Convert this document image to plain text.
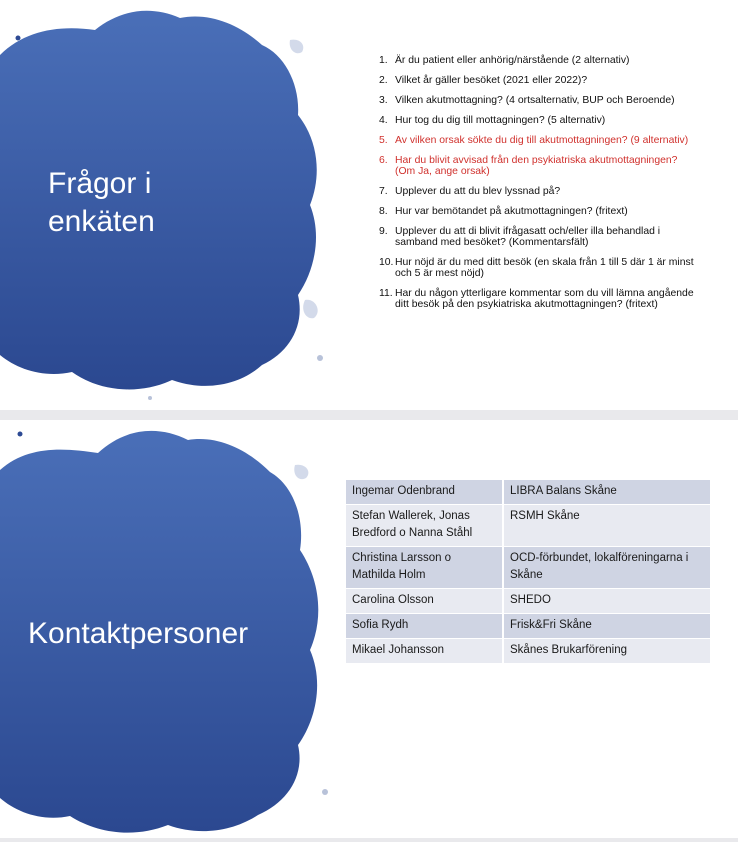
Frågor i enkäten
1. Är du patient eller anhörig/närstående (2 alternativ)
2. Vilket år gäller besöket (2021 eller 2022)?
3. Vilken akutmottagning? (4 ortsalternativ, BUP och Beroende)
4. Hur tog du dig till mottagningen? (5 alternativ)
5. Av vilken orsak sökte du dig till akutmottagningen? (9 alternativ)
6. Har du blivit avvisad från den psykiatriska akutmottagningen? (Om Ja, ange orsak)
7. Upplever du att du blev lyssnad på?
8. Hur var bemötandet på akutmottagningen? (fritext)
9. Upplever du att di blivit ifrågasatt och/eller illa behandlad i samband med besöket? (Kommentarsfält)
10. Hur nöjd är du med ditt besök (en skala från 1 till 5 där 1 är minst och 5 är mest nöjd)
11. Har du någon ytterligare kommentar som du vill lämna angående ditt besök på den psykiatriska akutmottagningen? (fritext)
Kontaktpersoner
Ingemar Odenbrand	LIBRA Balans Skåne
Stefan Wallerek, Jonas Bredford o Nanna Ståhl	RSMH Skåne
Christina Larsson o Mathilda Holm	OCD-förbundet, lokalföreningarna i Skåne
Carolina Olsson	SHEDO
Sofia Rydh	Frisk&Fri Skåne
Mikael Johansson	Skånes Brukarförening
